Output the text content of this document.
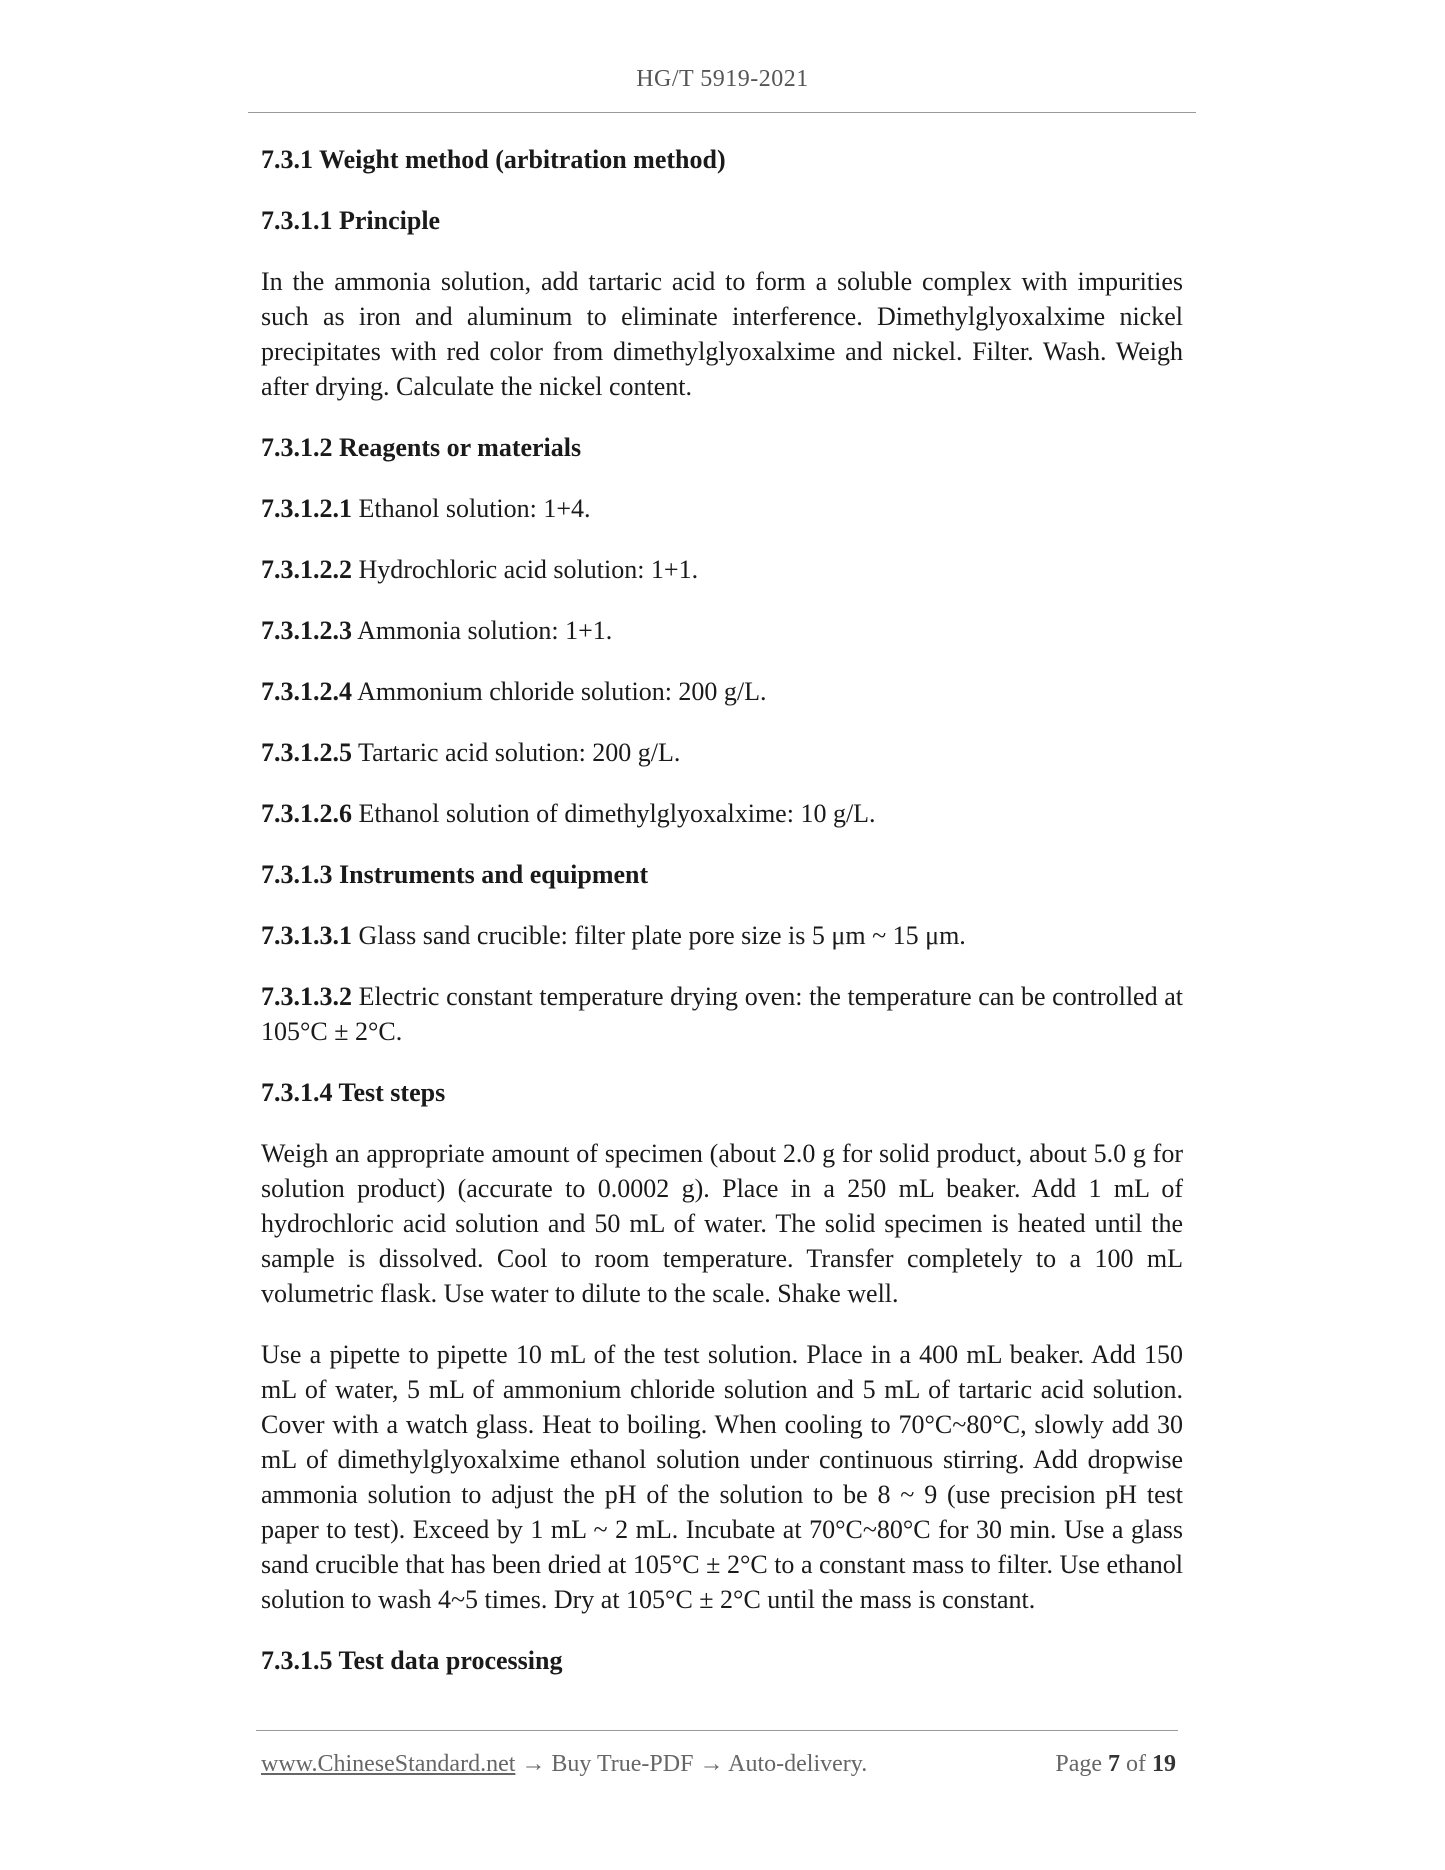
HG/T 5919-2021
7.3.1 Weight method (arbitration method)
7.3.1.1 Principle
In the ammonia solution, add tartaric acid to form a soluble complex with impurities such as iron and aluminum to eliminate interference. Dimethylglyoxalxime nickel precipitates with red color from dimethylglyoxalxime and nickel. Filter. Wash. Weigh after drying. Calculate the nickel content.
7.3.1.2 Reagents or materials
7.3.1.2.1 Ethanol solution: 1+4.
7.3.1.2.2 Hydrochloric acid solution: 1+1.
7.3.1.2.3 Ammonia solution: 1+1.
7.3.1.2.4 Ammonium chloride solution: 200 g/L.
7.3.1.2.5 Tartaric acid solution: 200 g/L.
7.3.1.2.6 Ethanol solution of dimethylglyoxalxime: 10 g/L.
7.3.1.3 Instruments and equipment
7.3.1.3.1 Glass sand crucible: filter plate pore size is 5 μm ~ 15 μm.
7.3.1.3.2 Electric constant temperature drying oven: the temperature can be controlled at 105°C ± 2°C.
7.3.1.4 Test steps
Weigh an appropriate amount of specimen (about 2.0 g for solid product, about 5.0 g for solution product) (accurate to 0.0002 g). Place in a 250 mL beaker. Add 1 mL of hydrochloric acid solution and 50 mL of water. The solid specimen is heated until the sample is dissolved. Cool to room temperature. Transfer completely to a 100 mL volumetric flask. Use water to dilute to the scale. Shake well.
Use a pipette to pipette 10 mL of the test solution. Place in a 400 mL beaker. Add 150 mL of water, 5 mL of ammonium chloride solution and 5 mL of tartaric acid solution. Cover with a watch glass. Heat to boiling. When cooling to 70°C~80°C, slowly add 30 mL of dimethylglyoxalxime ethanol solution under continuous stirring. Add dropwise ammonia solution to adjust the pH of the solution to be 8 ~ 9 (use precision pH test paper to test). Exceed by 1 mL ~ 2 mL. Incubate at 70°C~80°C for 30 min. Use a glass sand crucible that has been dried at 105°C ± 2°C to a constant mass to filter. Use ethanol solution to wash 4~5 times. Dry at 105°C ± 2°C until the mass is constant.
7.3.1.5 Test data processing
www.ChineseStandard.net → Buy True-PDF → Auto-delivery.	Page 7 of 19
